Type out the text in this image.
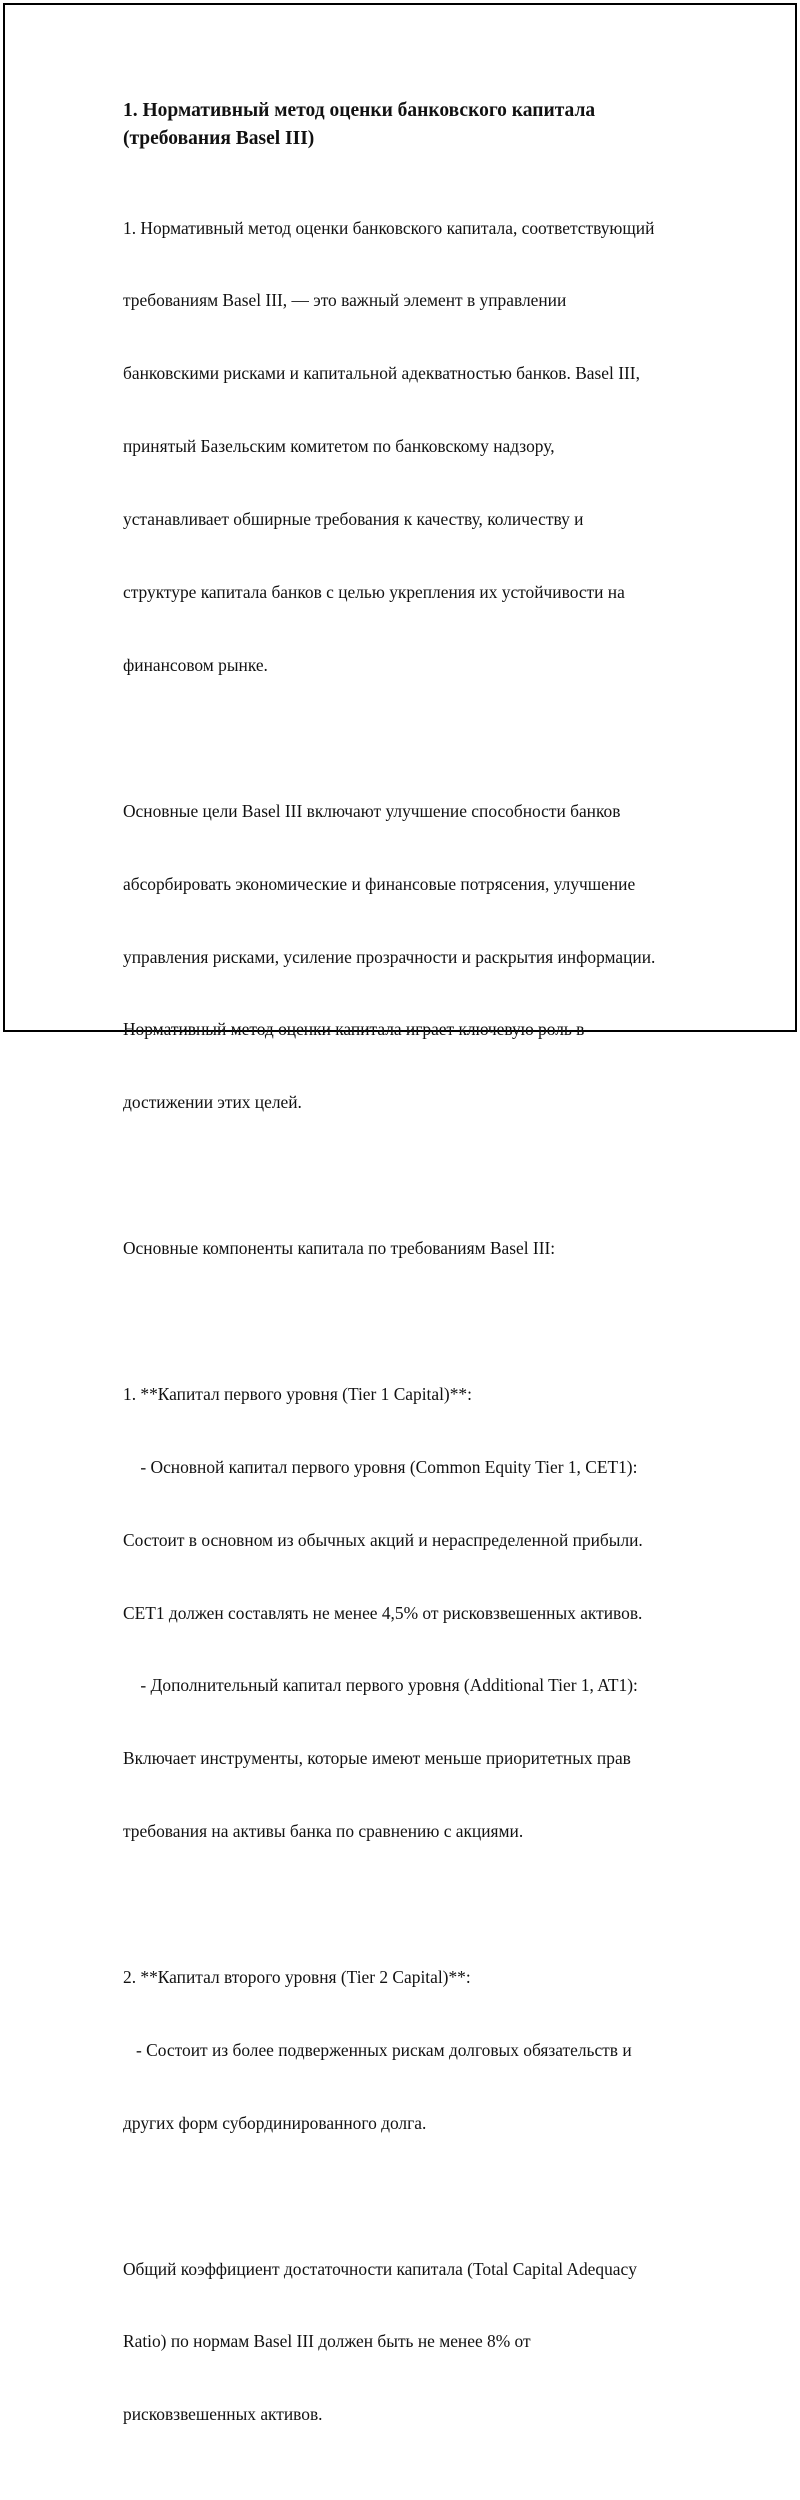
1. Нормативный метод оценки банковского капитала
(требования Basel III)

1. Нормативный метод оценки банковского капитала, соответствующий

требованиям Basel III, — это важный элемент в управлении

банковскими рисками и капитальной адекватностью банков. Basel III,

принятый Базельским комитетом по банковскому надзору,

устанавливает обширные требования к качеству, количеству и

структуре капитала банков с целью укрепления их устойчивости на

финансовом рынке.

Основные цели Basel III включают улучшение способности банков

абсорбировать экономические и финансовые потрясения, улучшение

управления рисками, усиление прозрачности и раскрытия информации.

Нормативный метод оценки капитала играет ключевую роль в

достижении этих целей.

Основные компоненты капитала по требованиям Basel III:

1. **Капитал первого уровня (Tier 1 Capital)**:

- Основной капитал первого уровня (Common Equity Tier 1, CET1):

Состоит в основном из обычных акций и нераспределенной прибыли.

CET1 должен составлять не менее 4,5% от рисковзвешенных активов.

- Дополнительный капитал первого уровня (Additional Tier 1, AT1):

Включает инструменты, которые имеют меньше приоритетных прав

требования на активы банка по сравнению с акциями.

2. **Капитал второго уровня (Tier 2 Capital)**:

- Состоит из более подверженных рискам долговых обязательств и

других форм субординированного долга.

Общий коэффициент достаточности капитала (Total Capital Adequacy

Ratio) по нормам Basel III должен быть не менее 8% от

рисковзвешенных активов.
